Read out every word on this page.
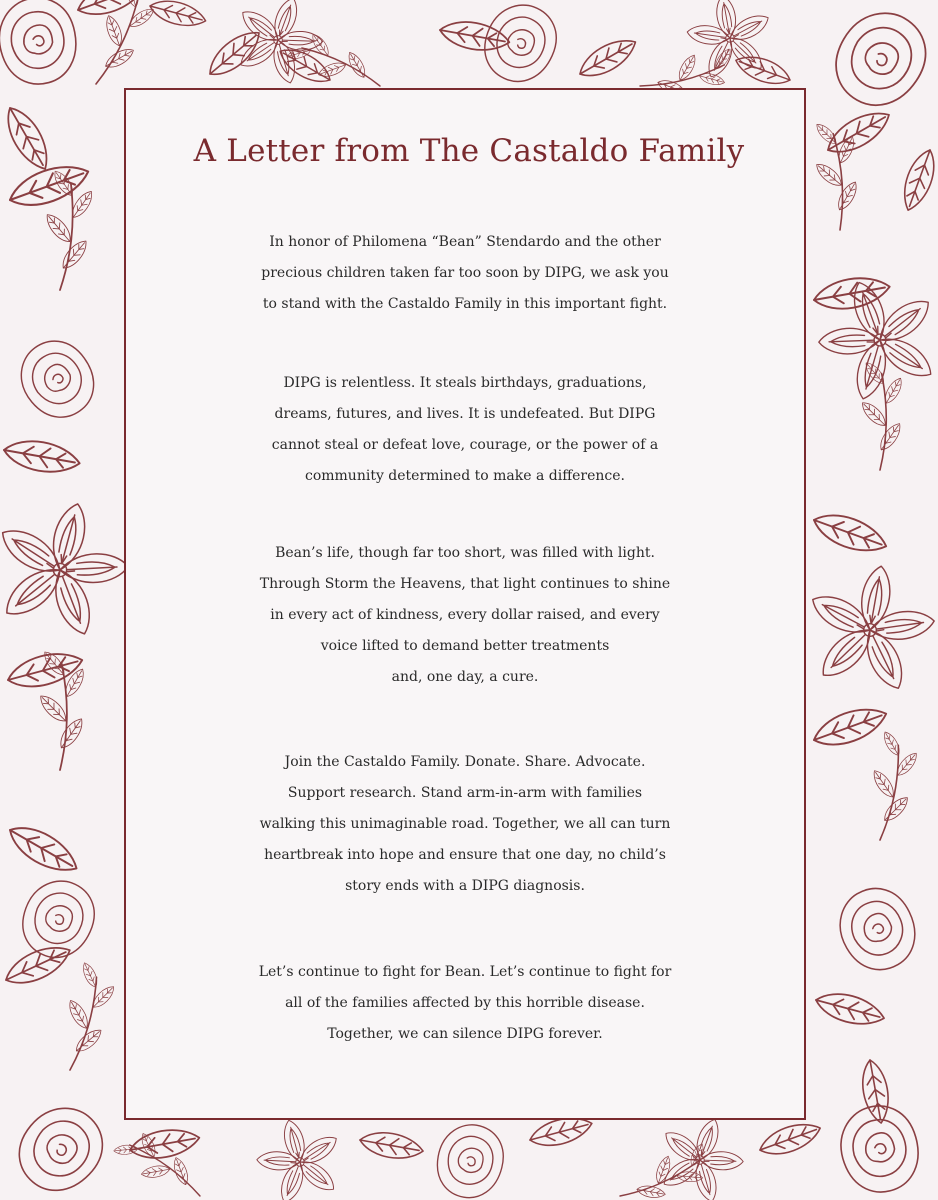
A Letter from The Castaldo Family
In honor of Philomena “Bean” Stendardo and the other
precious children taken far too soon by DIPG, we ask you
to stand with the Castaldo Family in this important fight.
DIPG is relentless. It steals birthdays, graduations,
dreams, futures, and lives. It is undefeated. But DIPG
cannot steal or defeat love, courage, or the power of a
community determined to make a difference.
Bean’s life, though far too short, was filled with light.
Through Storm the Heavens, that light continues to shine
in every act of kindness, every dollar raised, and every
voice lifted to demand better treatments
and, one day, a cure.
Join the Castaldo Family. Donate. Share. Advocate.
Support research. Stand arm-in-arm with families
walking this unimaginable road. Together, we all can turn
heartbreak into hope and ensure that one day, no child’s
story ends with a DIPG diagnosis.
Let’s continue to fight for Bean. Let’s continue to fight for
all of the families affected by this horrible disease.
Together, we can silence DIPG forever.
